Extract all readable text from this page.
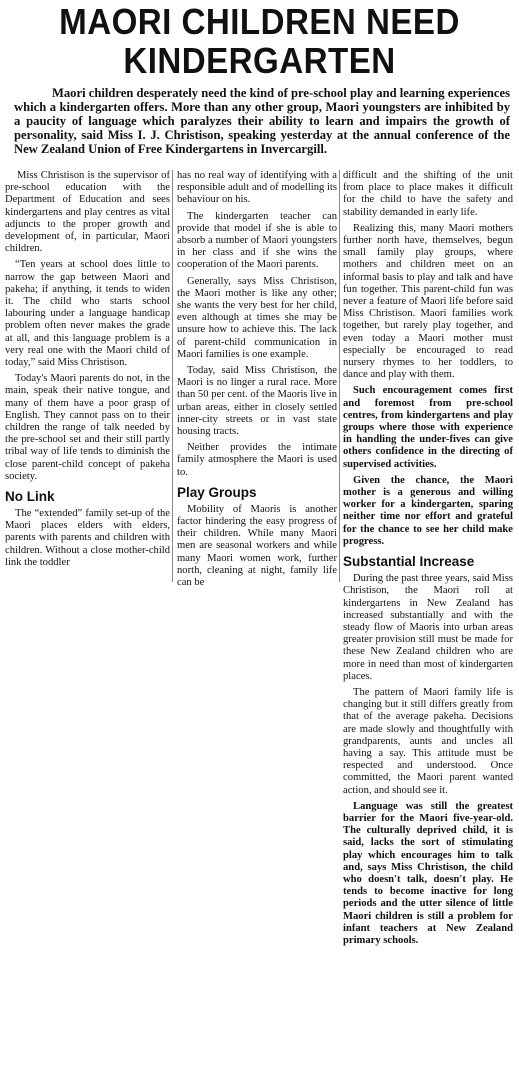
MAORI CHILDREN NEED
KINDERGARTEN

Maori children desperately need the kind of pre-school play and learning experiences which a kindergarten offers. More than any other group, Maori youngsters are inhibited by a paucity of language which paralyzes their ability to learn and impairs the growth of personality, said Miss I. J. Christison, speaking yesterday at the annual conference of the New Zealand Union of Free Kindergartens in Invercargill.

Miss Christison is the supervisor of pre-school education with the Department of Education and sees kindergartens and play centres as vital adjuncts to the proper growth and development of, in particular, Maori children.

“Ten years at school does little to narrow the gap between Maori and pakeha; if anything, it tends to widen it. The child who starts school labouring under a language handicap problem often never makes the grade at all, and this language problem is a very real one with the Maori child of today,” said Miss Christison.

Today's Maori parents do not, in the main, speak their native tongue, and many of them have a poor grasp of English. They cannot pass on to their children the range of talk needed by the pre-school set and their still partly tribal way of life tends to diminish the close parent-child concept of pakeha society.

No Link

The “extended” family set-up of the Maori places elders with elders, parents with parents and children with children. Without a close mother-child link the toddler

has no real way of identifying with a responsible adult and of modelling its behaviour on his.

The kindergarten teacher can provide that model if she is able to absorb a number of Maori youngsters in her class and if she wins the cooperation of the Maori parents.

Generally, says Miss Christison, the Maori mother is like any other; she wants the very best for her child, even although at times she may be unsure how to achieve this. The lack of parent-child communication in Maori families is one example.

Today, said Miss Christison, the Maori is no linger a rural race. More than 50 per cent. of the Maoris live in urban areas, either in closely settled inner-city streets or in vast state housing tracts.

Neither provides the intimate family atmosphere the Maori is used to.

Play Groups

Mobility of Maoris is another factor hindering the easy progress of their children. While many Maori men are seasonal workers and while many Maori women work, further north, cleaning at night, family life can be

difficult and the shifting of the unit from place to place makes it difficult for the child to have the safety and stability demanded in early life.

Realizing this, many Maori mothers further north have, themselves, begun small family play groups, where mothers and children meet on an informal basis to play and talk and have fun together. This parent-child fun was never a feature of Maori life before said Miss Christison. Maori families work together, but rarely play together, and even today a Maori mother must especially be encouraged to read nursery rhymes to her toddlers, to dance and play with them.

Such encouragement comes first and foremost from pre-school centres, from kindergartens and play groups where those with experience in handling the under-fives can give others confidence in the directing of supervised activities.

Given the chance, the Maori mother is a generous and willing worker for a kindergarten, sparing neither time nor effort and grateful for the chance to see her child make progress.

Substantial Increase

During the past three years, said Miss Christison, the Maori roll at kindergartens in New Zealand has increased substantially and with the steady flow of Maoris into urban areas greater provision still must be made for these New Zealand children who are more in need than most of kindergarten places.

The pattern of Maori family life is changing but it still differs greatly from that of the average pakeha. Decisions are made slowly and thoughtfully with grandparents, aunts and uncles all having a say. This attitude must be respected and understood. Once committed, the Maori parent wanted action, and should see it.

Language was still the greatest barrier for the Maori five-year-old. The culturally deprived child, it is said, lacks the sort of stimulating play which encourages him to talk and, says Miss Christison, the child who doesn't talk, doesn't play. He tends to become inactive for long periods and the utter silence of little Maori children is still a problem for infant teachers at New Zealand primary schools.
